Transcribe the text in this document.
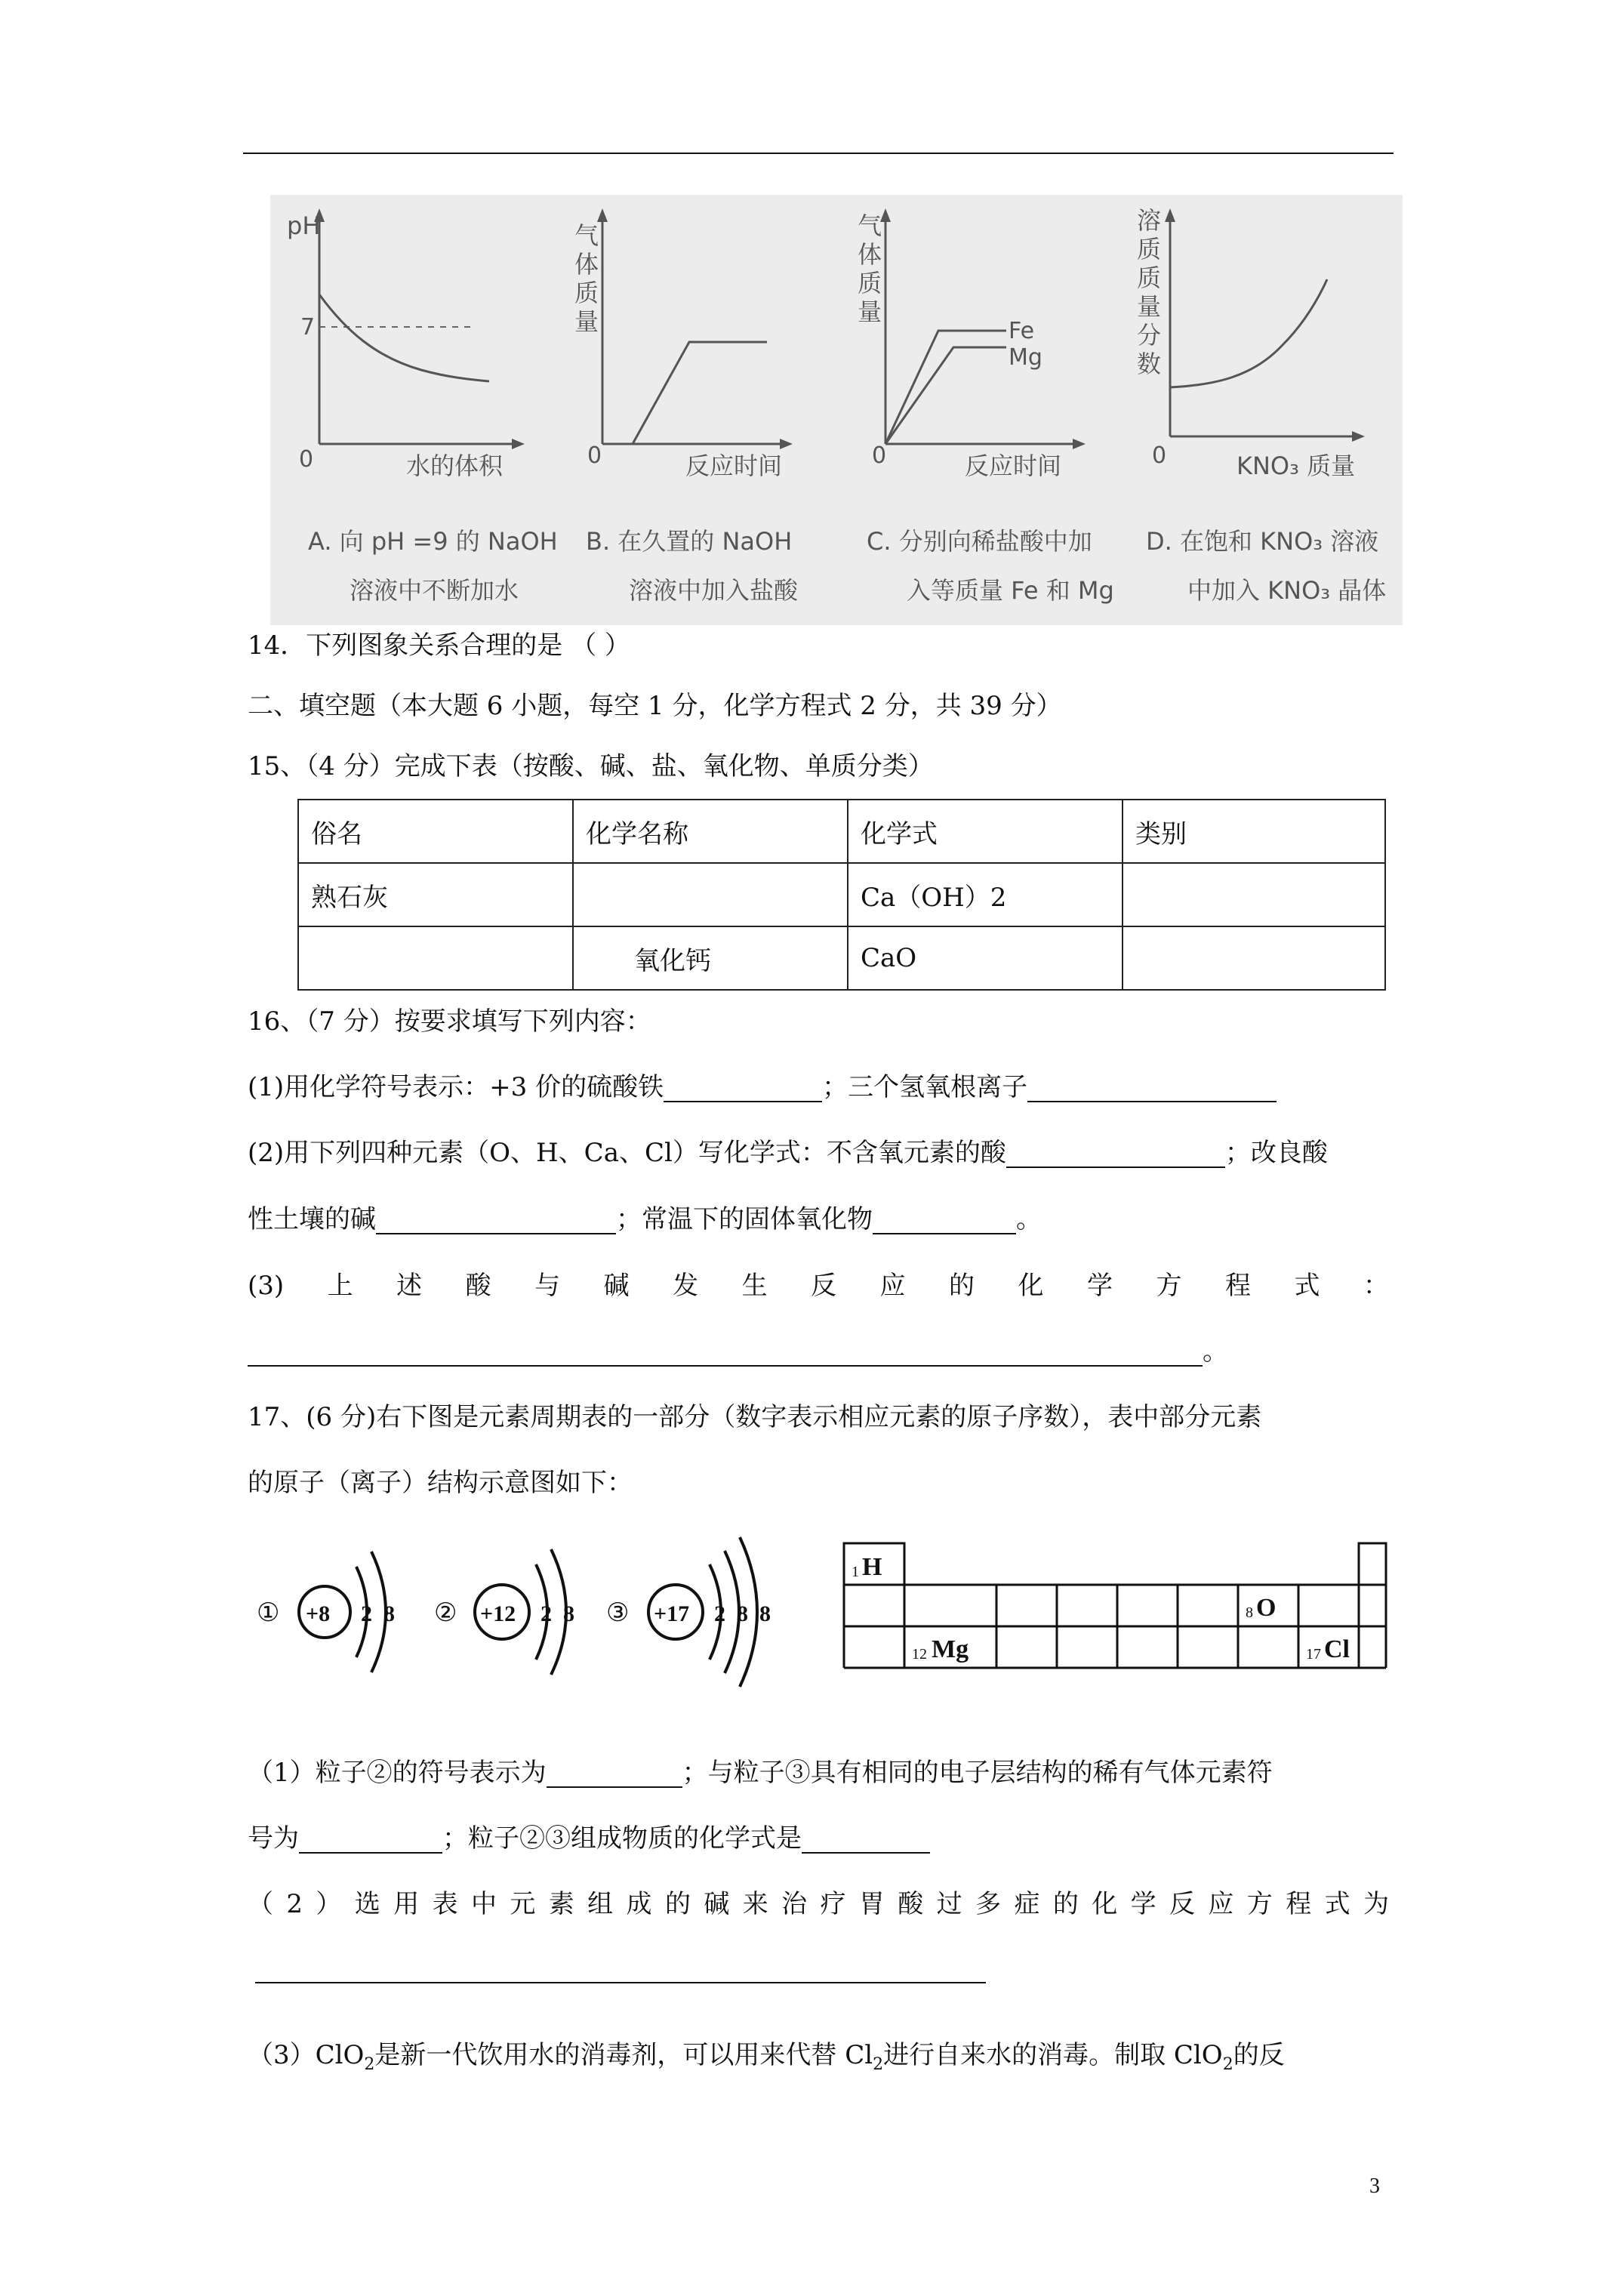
pH
7
0	水的体积
A. 向 pH =9 的 NaOH
溶液中不断加水
气
体
质
量
0	反应时间
B. 在久置的 NaOH
溶液中加入盐酸
气
体
质
量
Fe
Mg
0	反应时间
C. 分别向稀盐酸中加
入等质量 Fe 和 Mg
溶
质
质
量
分
数
0	KNO₃ 质量
D. 在饱和 KNO₃ 溶液
中加入 KNO₃ 晶体
14．下列图象关系合理的是 （ ）
二、填空题（本大题 6 小题，每空 1 分，化学方程式 2 分，共 39 分）
15、（4 分）完成下表（按酸、碱、盐、氧化物、单质分类）
俗名	化学名称	化学式	类别
熟石灰		Ca（OH）2	
	氧化钙	CaO	
16、（7 分）按要求填写下列内容：
(1)用化学符号表示：+3 价的硫酸铁	；三个氢氧根离子
(2)用下列四种元素（O、H、Ca、Cl）写化学式：不含氧元素的酸	；改良酸
性土壤的碱	；常温下的固体氧化物	。
(3) 上 述 酸 与 碱 发 生 反 应 的 化 学 方 程 式 ：
。
17、(6 分)右下图是元素周期表的一部分（数字表示相应元素的原子序数），表中部分元素
的原子（离子）结构示意图如下：
① +8 2 8 ② +12 2 8 ③ +17 2 8 8
1 H
8 O
12 Mg	17 Cl
（1）粒子②的符号表示为	；与粒子③具有相同的电子层结构的稀有气体元素符
号为	；粒子②③组成物质的化学式是
（ 2 ） 选 用 表 中 元 素 组 成 的 碱 来 治 疗 胃 酸 过 多 症 的 化 学 反 应 方 程 式 为
（3）ClO$_2$是新一代饮用水的消毒剂，可以用来代替 $Cl_2$进行自来水的消毒。制取 ClO$_2$的反
3
